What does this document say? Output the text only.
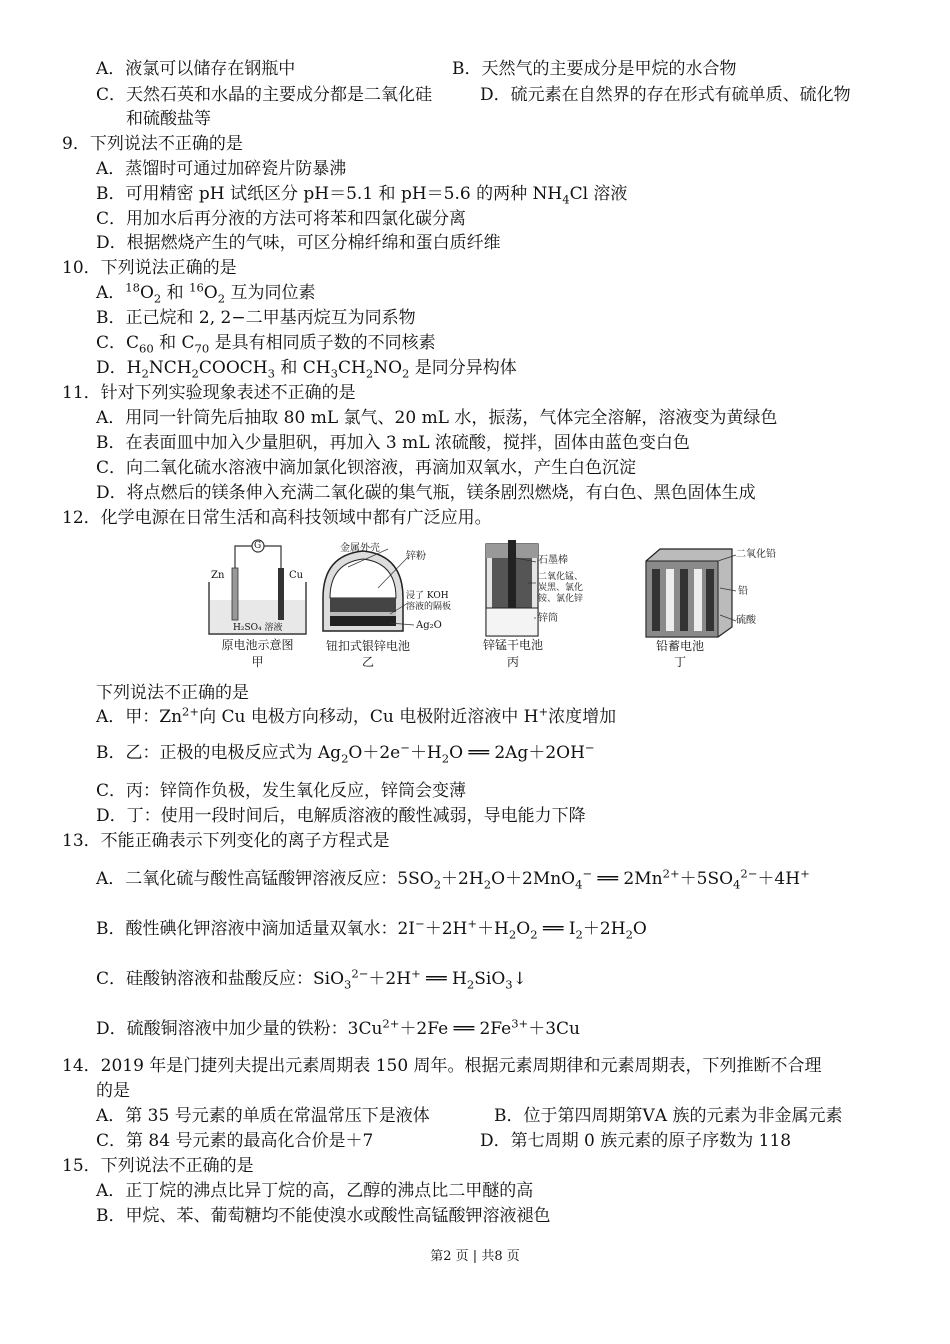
A．液氯可以储存在钢瓶中	B．天然气的主要成分是甲烷的水合物
C．天然石英和水晶的主要成分都是二氧化硅	D．硫元素在自然界的存在形式有硫单质、硫化物
和硫酸盐等
9．下列说法不正确的是
A．蒸馏时可通过加碎瓷片防暴沸
B．可用精密 pH 试纸区分 pH＝5.1 和 pH＝5.6 的两种 $NH_4Cl$ 溶液
C．用加水后再分液的方法可将苯和四氯化碳分离
D．根据燃烧产生的气味，可区分棉纤绵和蛋白质纤维
10．下列说法正确的是
A．$^{18}O_2$ 和 $^{16}O_2$ 互为同位素
B．正己烷和 2, 2−二甲基丙烷互为同系物
C．$C_{60}$ 和 $C_{70}$ 是具有相同质子数的不同核素
D．$H_2NCH_2COOCH_3$ 和 $CH_3CH_2NO_2$ 是同分异构体
11．针对下列实验现象表述不正确的是
A．用同一针筒先后抽取 80 mL 氯气、20 mL 水，振荡，气体完全溶解，溶液变为黄绿色
B．在表面皿中加入少量胆矾，再加入 3 mL 浓硫酸，搅拌，固体由蓝色变白色
C．向二氧化硫水溶液中滴加氯化钡溶液，再滴加双氧水，产生白色沉淀
D．将点燃后的镁条伸入充满二氧化碳的集气瓶，镁条剧烈燃烧，有白色、黑色固体生成
12．化学电源在日常生活和高科技领域中都有广泛应用。
G
Zn	Cu
H₂SO₄ 溶液
原电池示意图
甲
金属外壳
锌粉
浸了 KOH
溶液的隔板
Ag₂O
钮扣式银锌电池
乙
石墨棒
二氧化锰、
炭黑、氯化
铵、氯化锌
锌筒
锌锰干电池
丙
二氧化铅
铅
硫酸
铅蓄电池
丁
下列说法不正确的是
A．甲：$Zn^{2+}$向 Cu 电极方向移动，Cu 电极附近溶液中 H+浓度增加
B．乙：正极的电极反应式为 $Ag_2O+2e^-+H_2O$ ══ 2Ag＋2OH−
C．丙：锌筒作负极，发生氧化反应，锌筒会变薄
D．丁：使用一段时间后，电解质溶液的酸性减弱，导电能力下降
13．不能正确表示下列变化的离子方程式是
A．二氧化硫与酸性高锰酸钾溶液反应：$5SO_2+2H_2O+2MnO_4^-$ ══ $2Mn^{2+}+5SO_4^{2-}+4H^+$
B．酸性碘化钾溶液中滴加适量双氧水：$2I^-+2H^++H_2O_2$ ══ $I_2+2H_2O$
C．硅酸钠溶液和盐酸反应：SiO$_3^{2-}$＋2H+ ══ $H_2SiO_3↓$
D．硫酸铜溶液中加少量的铁粉：$3Cu^{2+}+2Fe$ ══ $2Fe^{3+}+3Cu$
14．2019 年是门捷列夫提出元素周期表 150 周年。根据元素周期律和元素周期表，下列推断不合理
的是
A．第 35 号元素的单质在常温常压下是液体	B．位于第四周期第ⅤA 族的元素为非金属元素
C．第 84 号元素的最高化合价是＋7	D．第七周期 0 族元素的原子序数为 118
15．下列说法不正确的是
A．正丁烷的沸点比异丁烷的高，乙醇的沸点比二甲醚的高
B．甲烷、苯、葡萄糖均不能使溴水或酸性高锰酸钾溶液褪色
第2 页 | 共8 页
